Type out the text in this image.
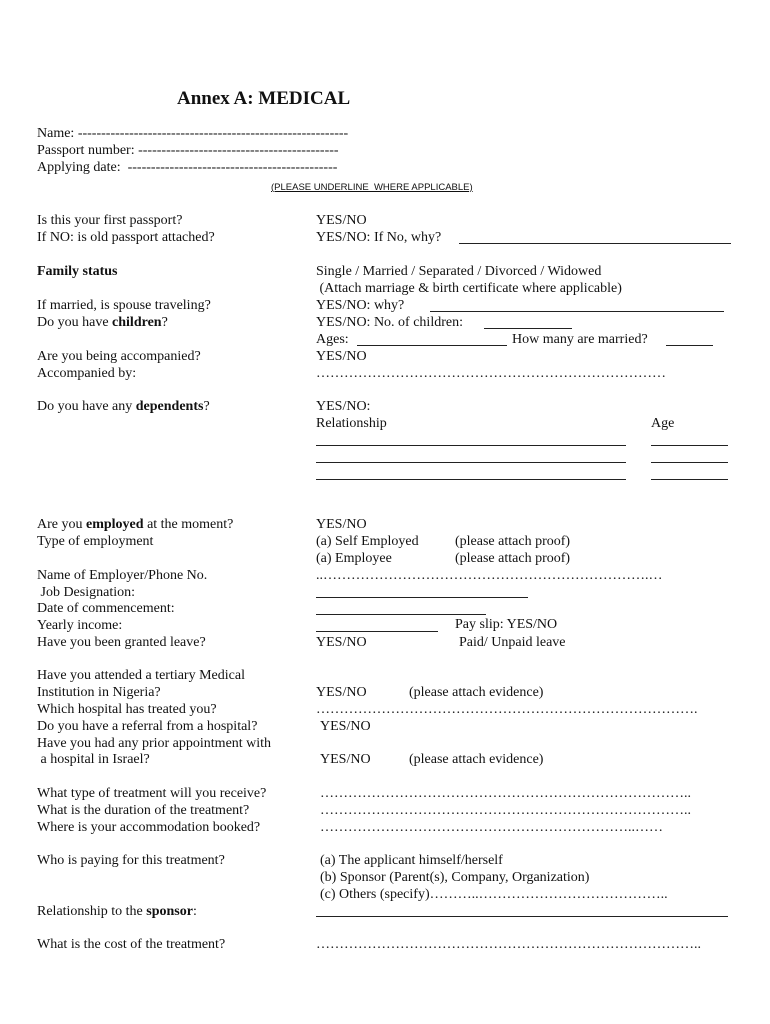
Annex A: MEDICAL
Name: ----------------------------------------------------------
Passport number: -------------------------------------------
Applying date:  ---------------------------------------------
(PLEASE UNDERLINE  WHERE APPLICABLE)
Is this your first passport?	YES/NO
If NO: is old passport attached?	YES/NO: If No, why?
Family status	Single / Married / Separated / Divorced / Widowed
(Attach marriage & birth certificate where applicable)
If married, is spouse traveling?	YES/NO: why?
Do you have children?	YES/NO: No. of children:
Ages:	How many are married?
Are you being accompanied?	YES/NO
Accompanied by:	…………………………………………………………………
Do you have any dependents?	YES/NO:
Relationship	Age
Are you employed at the moment?	YES/NO
Type of employment	(a) Self Employed	(please attach proof)
(a) Employee	(please attach proof)
Name of Employer/Phone No.	..…………………………………………………………….…
Job Designation:
Date of commencement:
Yearly income:	Pay slip: YES/NO
Have you been granted leave?	YES/NO	Paid/ Unpaid leave
Have you attended a tertiary Medical
Institution in Nigeria?	YES/NO	(please attach evidence)
Which hospital has treated you?	……………………………………………………………………….
Do you have a referral from a hospital?	YES/NO
Have you had any prior appointment with
a hospital in Israel?	YES/NO	(please attach evidence)
What type of treatment will you receive?	……………………………………………………………………..
What is the duration of the treatment?	……………………………………………………………………..
Where is your accommodation booked?	…………………………………………………………..……
Who is paying for this treatment?	(a) The applicant himself/herself
(b) Sponsor (Parent(s), Company, Organization)
(c) Others (specify)………..…………………………………..
Relationship to the sponsor:
What is the cost of the treatment?	………………………………………………………………………..
